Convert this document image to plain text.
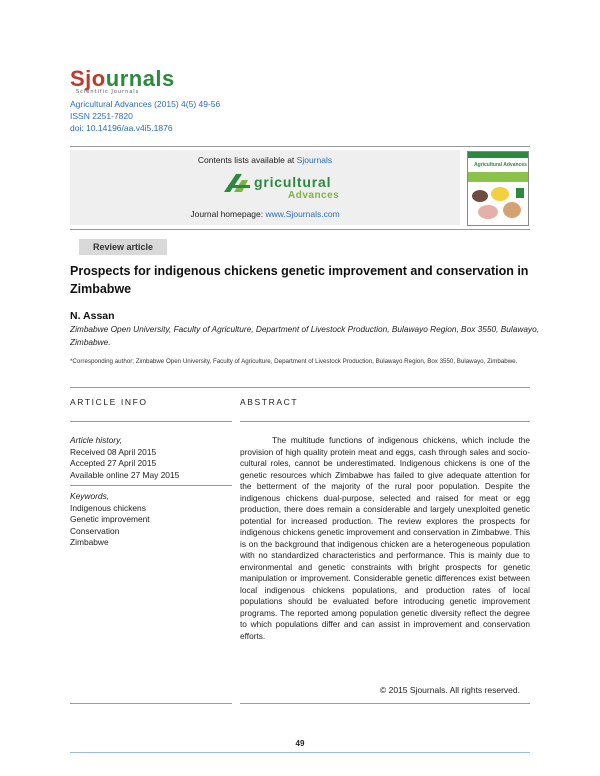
Sjournals
Scientific Journals
Agricultural Advances (2015) 4(5) 49-56
ISSN 2251-7820
doi: 10.14196/aa.v4i5.1876
Contents lists available at Sjournals
gricultural
Advances
Journal homepage: www.Sjournals.com
Agricultural Advances
Review article
Prospects for indigenous chickens genetic improvement and conservation in Zimbabwe
N. Assan
Zimbabwe Open University, Faculty of Agriculture, Department of Livestock Production, Bulawayo Region, Box 3550, Bulawayo, Zimbabwe.
*Corresponding author; Zimbabwe Open University, Faculty of Agriculture, Department of Livestock Production, Bulawayo Region, Box 3550, Bulawayo, Zimbabwe.
ARTICLE INFO	ABSTRACT
Article history,
Received 08 April 2015
Accepted 27 April 2015
Available online 27 May 2015
Keywords,
Indigenous chickens
Genetic improvement
Conservation
Zimbabwe

The multitude functions of indigenous chickens, which include the provision of high quality protein meat and eggs, cash through sales and socio-cultural roles, cannot be underestimated. Indigenous chickens is one of the genetic resources which Zimbabwe has failed to give adequate attention for the betterment of the majority of the rural poor population. Despite the indigenous chickens dual-purpose, selected and raised for meat or egg production, there does remain a considerable and largely unexploited genetic potential for increased production. The review explores the prospects for indigenous chickens genetic improvement and conservation in Zimbabwe. This is on the background that indigenous chicken are a heterogeneous population with no standardized characteristics and performance. This is mainly due to environmental and genetic constraints with bright prospects for genetic manipulation or improvement. Considerable genetic differences exist between local indigenous chickens populations, and production rates of local populations should be evaluated before introducing genetic improvement programs. The reported among population genetic diversity reflect the degree to which populations differ and can assist in improvement and conservation efforts.

© 2015 Sjournals. All rights reserved.
49
